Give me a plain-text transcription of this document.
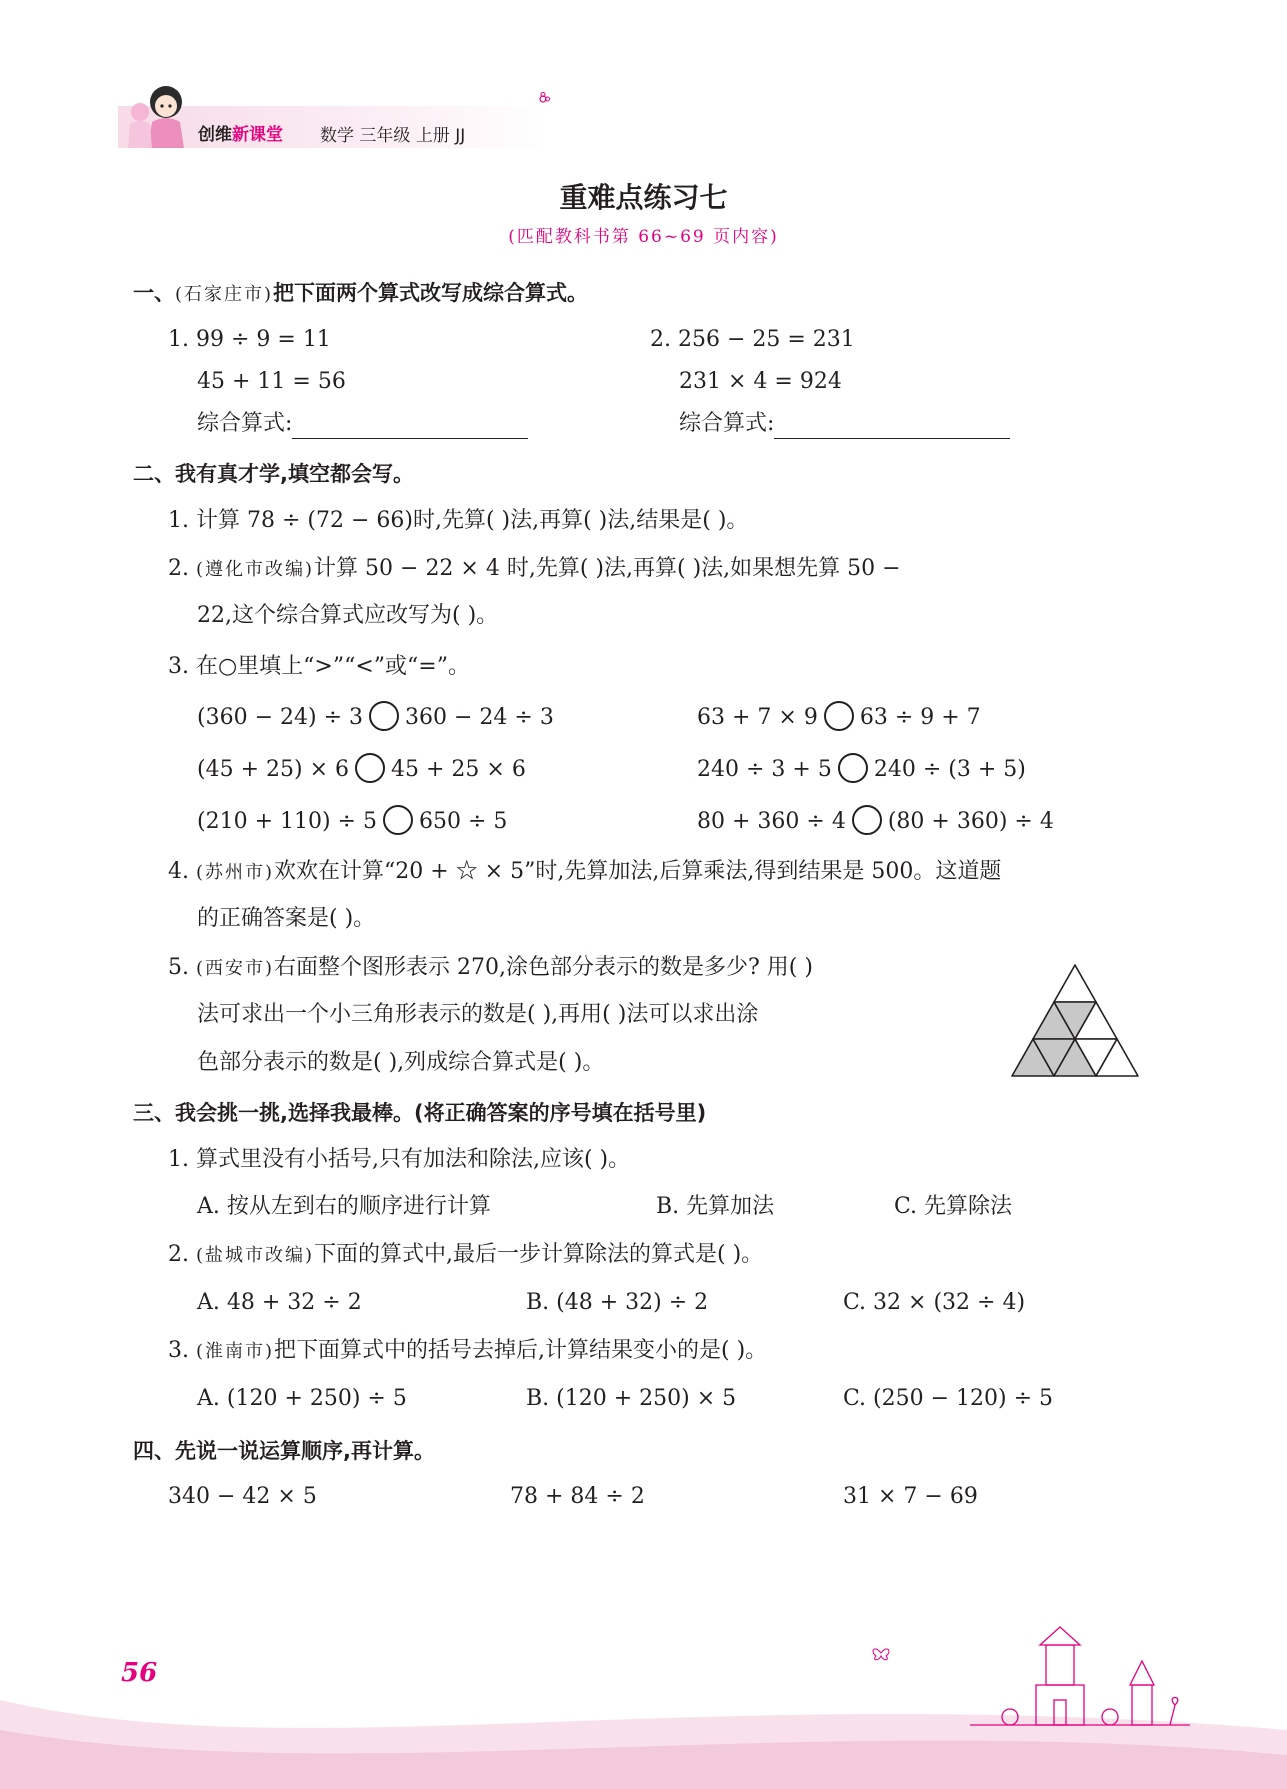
创维新课堂 数学 三年级 上册 JJ
重难点练习七
(匹配教科书第 66~69 页内容)
一、(石家庄市)把下面两个算式改写成综合算式。
1. 99 ÷ 9 = 11
45 + 11 = 56
综合算式:
2. 256 − 25 = 231
231 × 4 = 924
综合算式:
二、我有真才学,填空都会写。
1. 计算 78 ÷ (72 − 66)时,先算( )法,再算( )法,结果是( )。
2. (遵化市改编)计算 50 − 22 × 4 时,先算( )法,再算( )法,如果想先算 50 −
22,这个综合算式应改写为( )。
3. 在○里填上“>”“<”或“=”。
(360 − 24) ÷ 3 360 − 24 ÷ 3	63 + 7 × 9 63 ÷ 9 + 7
(45 + 25) × 6 45 + 25 × 6	240 ÷ 3 + 5 240 ÷ (3 + 5)
(210 + 110) ÷ 5 650 ÷ 5	80 + 360 ÷ 4 (80 + 360) ÷ 4
4. (苏州市)欢欢在计算“20 + ☆ × 5”时,先算加法,后算乘法,得到结果是 500。这道题
的正确答案是( )。
5. (西安市)右面整个图形表示 270,涂色部分表示的数是多少? 用( )
法可求出一个小三角形表示的数是( ),再用( )法可以求出涂
色部分表示的数是( ),列成综合算式是( )。
三、我会挑一挑,选择我最棒。(将正确答案的序号填在括号里)
1. 算式里没有小括号,只有加法和除法,应该( )。
A. 按从左到右的顺序进行计算	B. 先算加法	C. 先算除法
2. (盐城市改编)下面的算式中,最后一步计算除法的算式是( )。
A. 48 + 32 ÷ 2	B. (48 + 32) ÷ 2	C. 32 × (32 ÷ 4)
3. (淮南市)把下面算式中的括号去掉后,计算结果变小的是( )。
A. (120 + 250) ÷ 5	B. (120 + 250) × 5	C. (250 − 120) ÷ 5
四、先说一说运算顺序,再计算。
340 − 42 × 5	78 + 84 ÷ 2	31 × 7 − 69
56
